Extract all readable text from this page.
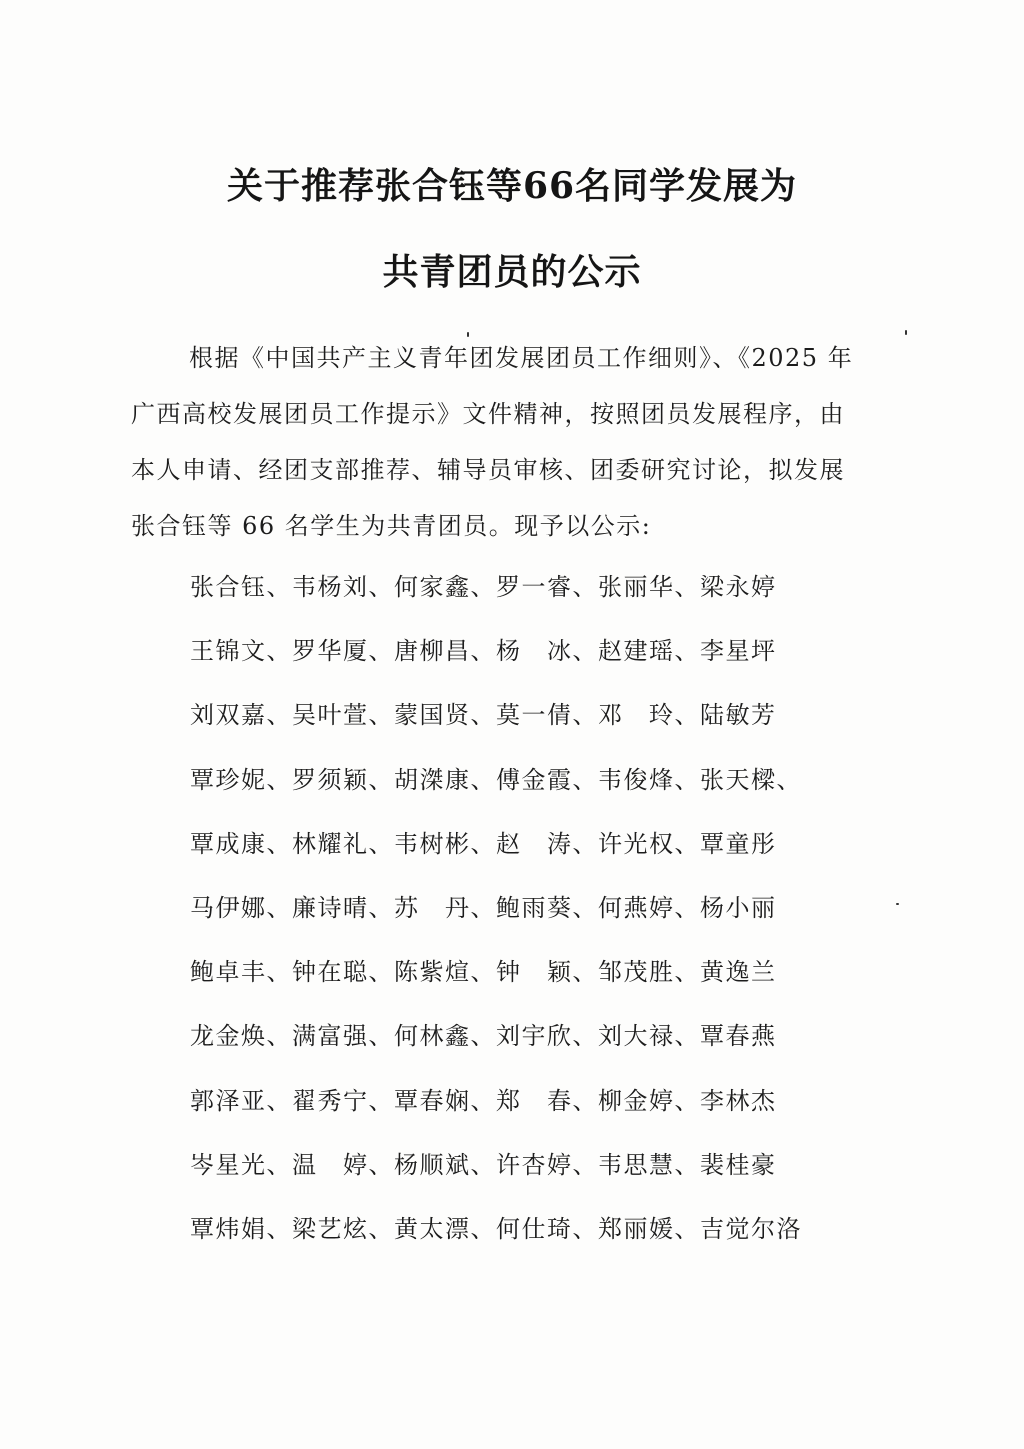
关于推荐张合钰等66名同学发展为
共青团员的公示
根据《中国共产主义青年团发展团员工作细则》、《2025 年
广西高校发展团员工作提示》文件精神，按照团员发展程序，由
本人申请、经团支部推荐、辅导员审核、团委研究讨论，拟发展
张合钰等 66 名学生为共青团员。现予以公示:
张合钰、韦杨刘、何家鑫、罗一睿、张丽华、梁永婷
王锦文、罗华厦、唐柳昌、杨　冰、赵建瑶、李星坪
刘双嘉、吴叶萱、蒙国贤、莫一倩、邓　玲、陆敏芳
覃珍妮、罗须颖、胡滐康、傅金霞、韦俊烽、张天樑、
覃成康、林耀礼、韦树彬、赵　涛、许光权、覃童彤
马伊娜、廉诗晴、苏　丹、鲍雨葵、何燕婷、杨小丽
鲍卓丰、钟在聪、陈紫煊、钟　颖、邹茂胜、黄逸兰
龙金焕、满富强、何林鑫、刘宇欣、刘大禄、覃春燕
郭泽亚、翟秀宁、覃春娴、郑　春、柳金婷、李林杰
岑星光、温　婷、杨顺斌、许杏婷、韦思慧、裴桂豪
覃炜娟、梁艺炫、黄太漂、何仕琦、郑丽媛、吉觉尔洛
